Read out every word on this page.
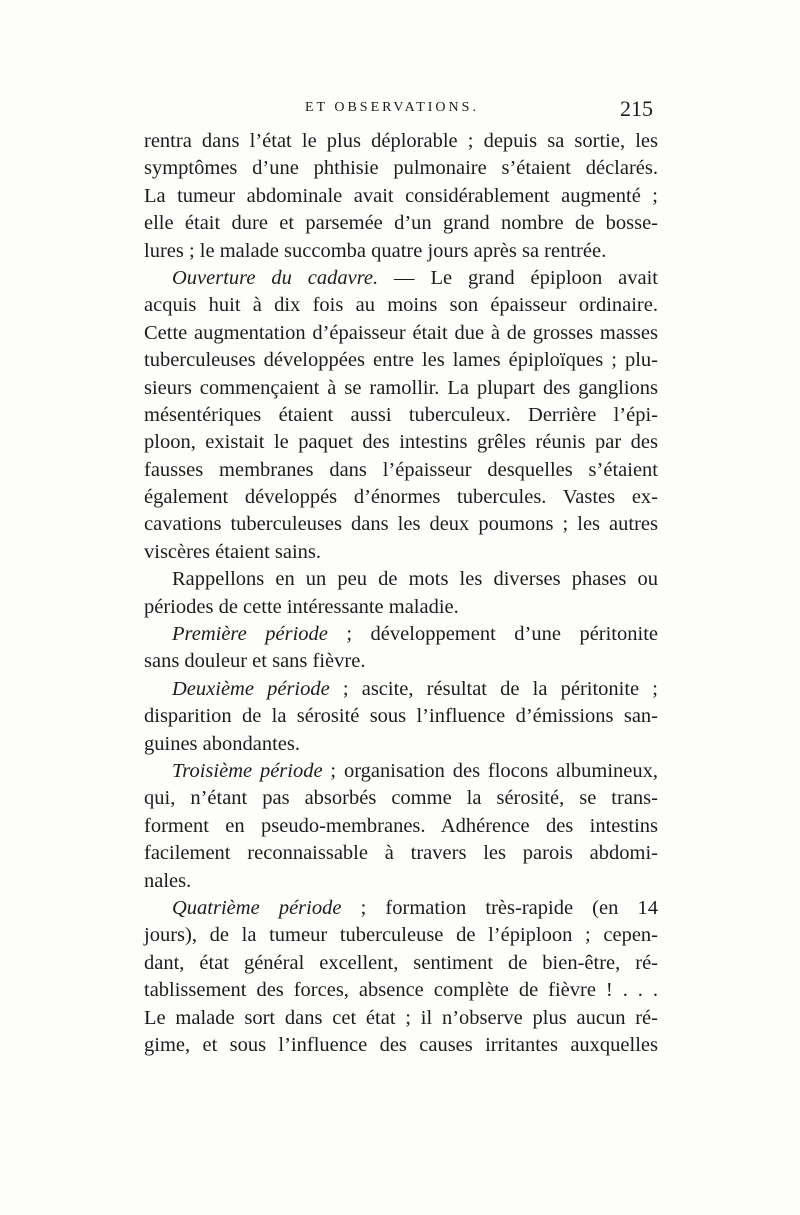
ET OBSERVATIONS.	215
rentra dans l’état le plus déplorable ; depuis sa sortie, les
symptômes d’une phthisie pulmonaire s’étaient déclarés.
La tumeur abdominale avait considérablement augmenté ;
elle était dure et parsemée d’un grand nombre de bosse-
lures ; le malade succomba quatre jours après sa rentrée.
Ouverture du cadavre. — Le grand épiploon avait
acquis huit à dix fois au moins son épaisseur ordinaire.
Cette augmentation d’épaisseur était due à de grosses masses
tuberculeuses développées entre les lames épiploïques ; plu-
sieurs commençaient à se ramollir. La plupart des ganglions
mésentériques étaient aussi tuberculeux. Derrière l’épi-
ploon, existait le paquet des intestins grêles réunis par des
fausses membranes dans l’épaisseur desquelles s’étaient
également développés d’énormes tubercules. Vastes ex-
cavations tuberculeuses dans les deux poumons ; les autres
viscères étaient sains.
Rappellons en un peu de mots les diverses phases ou
périodes de cette intéressante maladie.
Première période ; développement d’une péritonite
sans douleur et sans fièvre.
Deuxième période ; ascite, résultat de la péritonite ;
disparition de la sérosité sous l’influence d’émissions san-
guines abondantes.
Troisième période ; organisation des flocons albumineux,
qui, n’étant pas absorbés comme la sérosité, se trans-
forment en pseudo-membranes. Adhérence des intestins
facilement reconnaissable à travers les parois abdomi-
nales.
Quatrième période ; formation très-rapide (en 14
jours), de la tumeur tuberculeuse de l’épiploon ; cepen-
dant, état général excellent, sentiment de bien-être, ré-
tablissement des forces, absence complète de fièvre ! . . .
Le malade sort dans cet état ; il n’observe plus aucun ré-
gime, et sous l’influence des causes irritantes auxquelles
